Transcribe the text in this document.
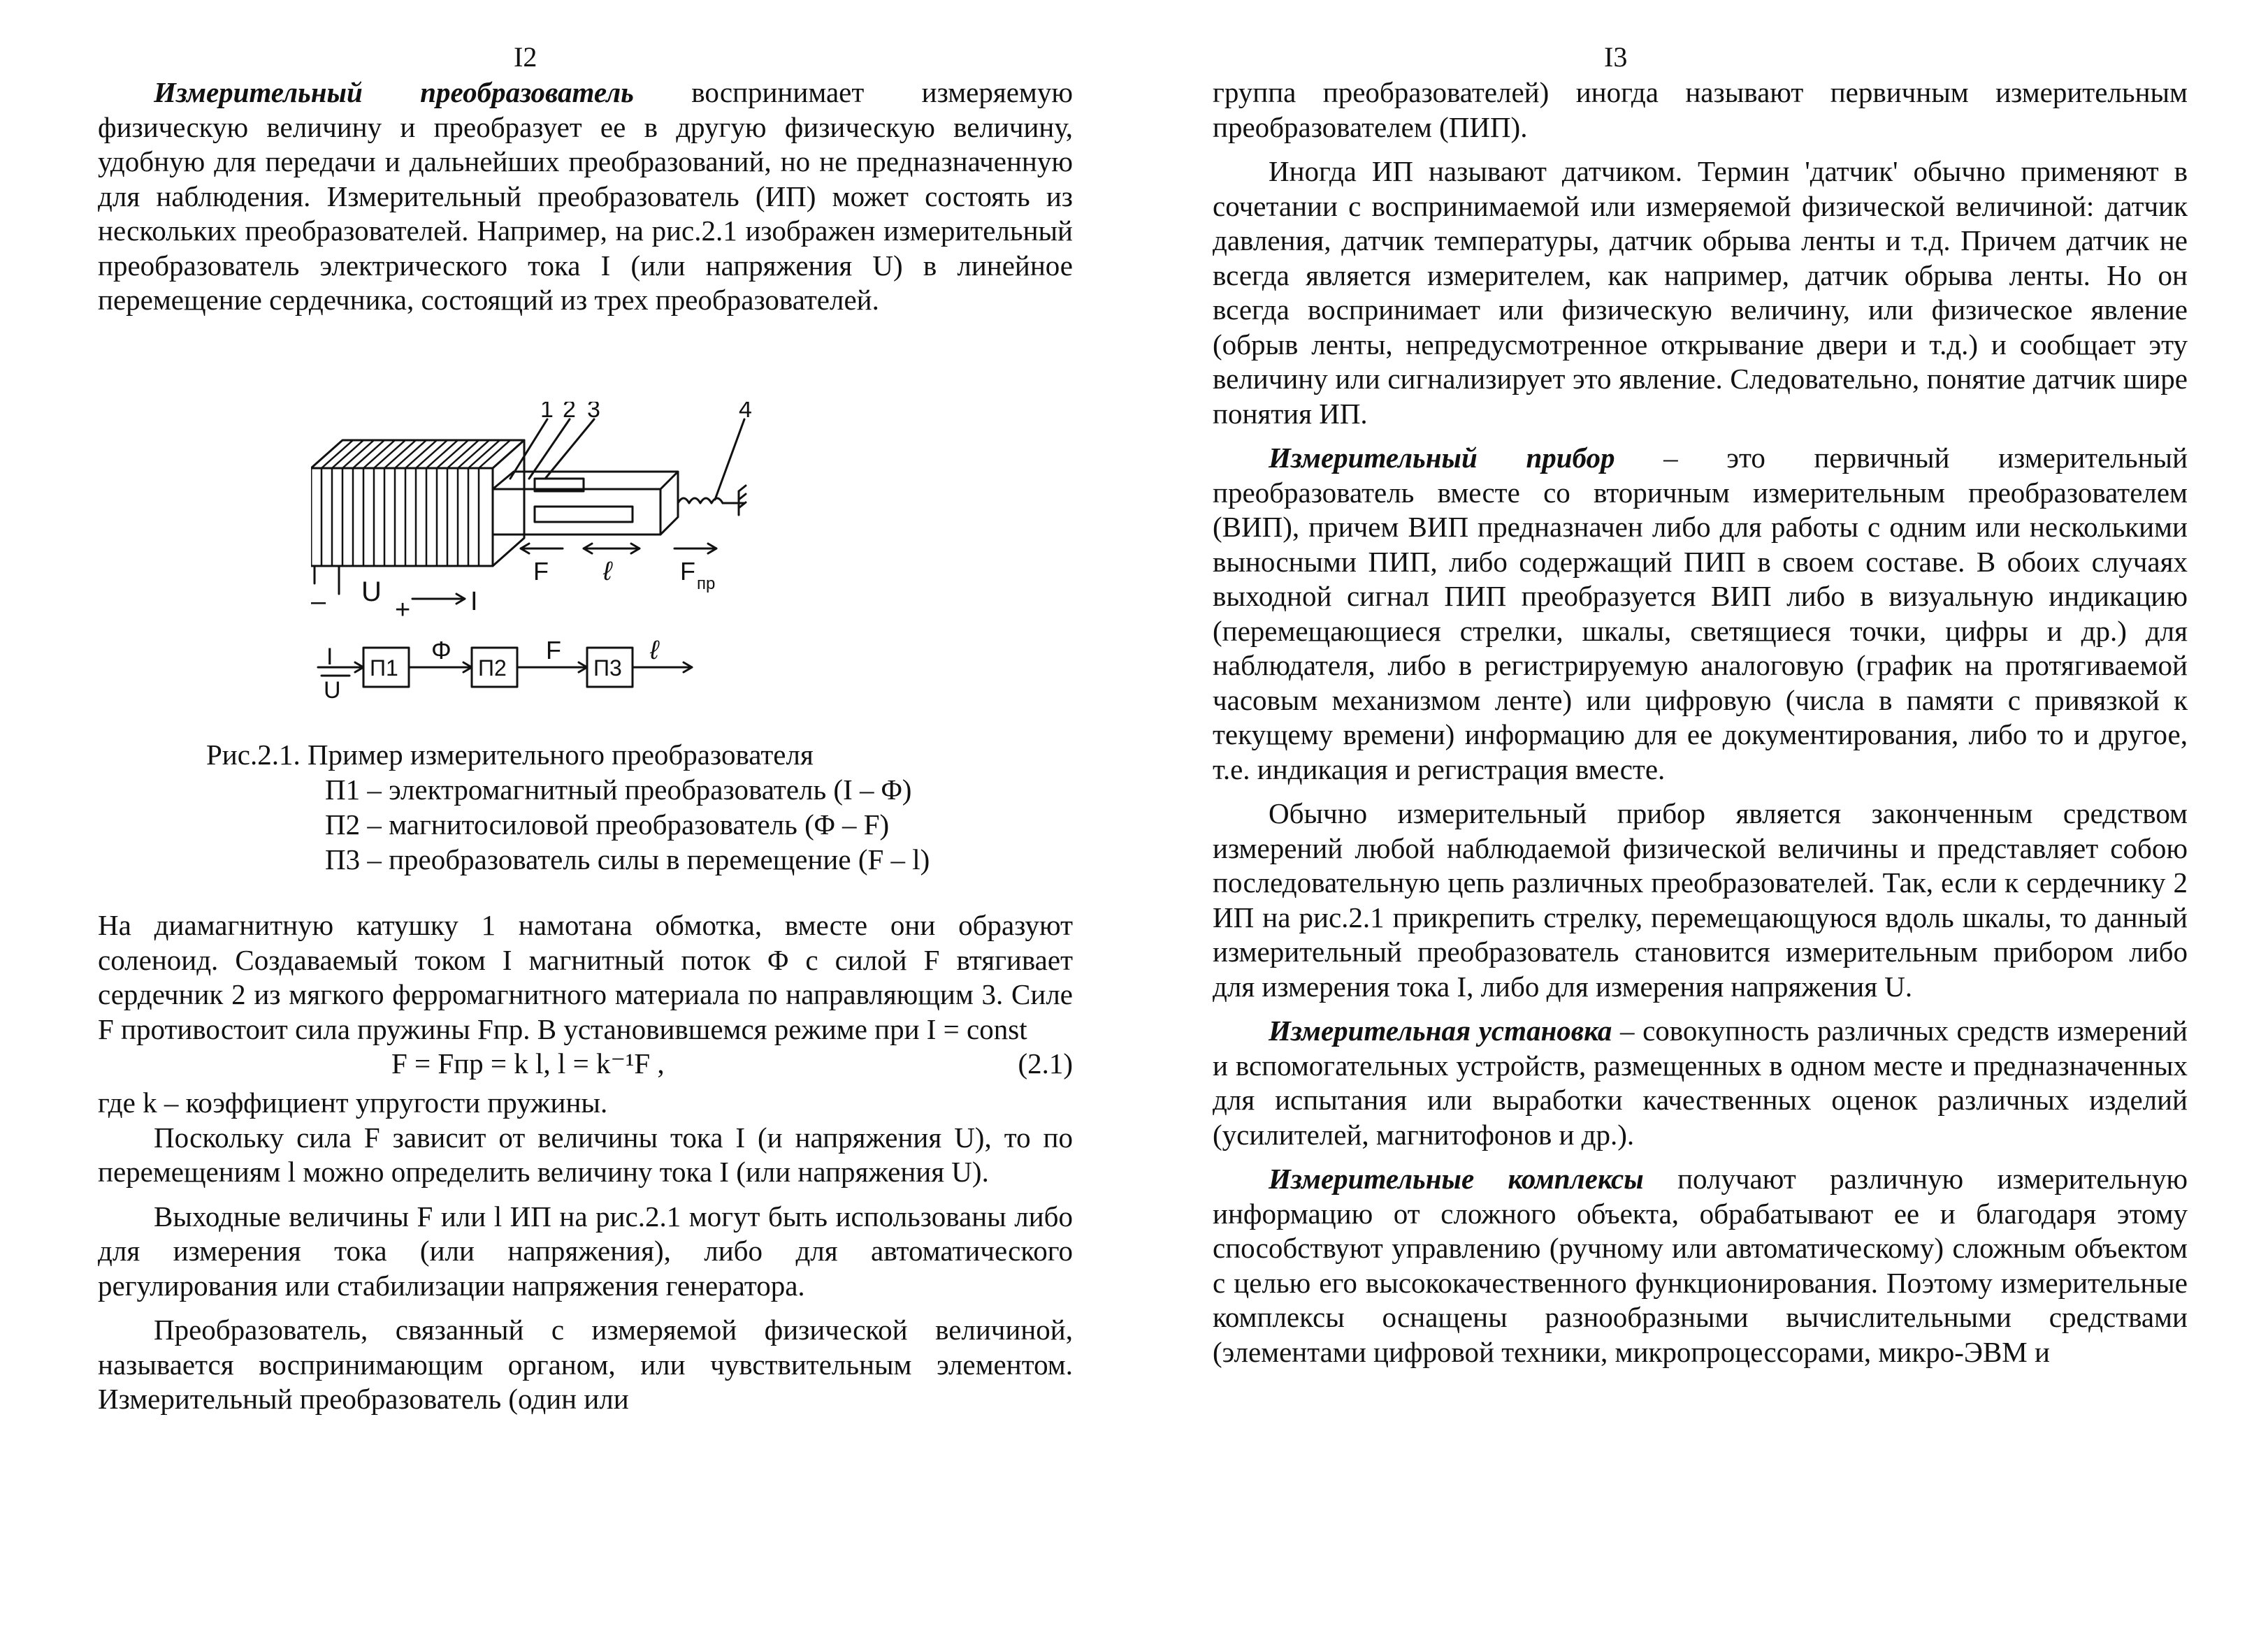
I2

Измерительный преобразователь воспринимает измеряемую физическую величину и преобразует ее в другую физическую величину, удобную для передачи и дальнейших преобразований, но не предназначенную для наблюдения. Измерительный преобразователь (ИП) может состоять из нескольких преобразователей. Например, на рис.2.1 изображен измерительный преобразователь электрического тока I (или напряжения U) в линейное перемещение сердечника, состоящий из трех преобразователей.

1 2 3	4
F ℓ	F пр
– U
+ I
I
U
П1	П2	П3
Φ	F	ℓ
Рис.2.1. Пример измерительного преобразователя
П1 – электромагнитный преобразователь (I – Φ)
П2 – магнитосиловой преобразователь (Φ – F)
П3 – преобразователь силы в перемещение (F – l)

На диамагнитную катушку 1 намотана обмотка, вместе они образуют соленоид. Создаваемый током I магнитный поток Φ с силой F втягивает сердечник 2 из мягкого ферромагнитного материала по направляющим 3. Силе F противостоит сила пружины Fпр. В установившемся режиме при I = const

F = Fпр = k l, l = k⁻¹F ,	(2.1)

где k – коэффициент упругости пружины.

Поскольку сила F зависит от величины тока I (и напряжения U), то по перемещениям l можно определить величину тока I (или напряжения U).

Выходные величины F или l ИП на рис.2.1 могут быть использованы либо для измерения тока (или напряжения), либо для автоматического регулирования или стабилизации напряжения генератора.

Преобразователь, связанный с измеряемой физической величиной, называется воспринимающим органом, или чувствительным элементом. Измерительный преобразователь (один или

I3

группа преобразователей) иногда называют первичным измерительным преобразователем (ПИП).

Иногда ИП называют датчиком. Термин 'датчик' обычно применяют в сочетании с воспринимаемой или измеряемой физической величиной: датчик давления, датчик температуры, датчик обрыва ленты и т.д. Причем датчик не всегда является измерителем, как например, датчик обрыва ленты. Но он всегда воспринимает или физическую величину, или физическое явление (обрыв ленты, непредусмотренное открывание двери и т.д.) и сообщает эту величину или сигнализирует это явление. Следовательно, понятие датчик шире понятия ИП.

Измерительный прибор – это первичный измерительный преобразователь вместе со вторичным измерительным преобразователем (ВИП), причем ВИП предназначен либо для работы с одним или несколькими выносными ПИП, либо содержащий ПИП в своем составе. В обоих случаях выходной сигнал ПИП преобразуется ВИП либо в визуальную индикацию (перемещающиеся стрелки, шкалы, светящиеся точки, цифры и др.) для наблюдателя, либо в регистрируемую аналоговую (график на протягиваемой часовым механизмом ленте) или цифровую (числа в памяти с привязкой к текущему времени) информацию для ее документирования, либо то и другое, т.е. индикация и регистрация вместе.

Обычно измерительный прибор является законченным средством измерений любой наблюдаемой физической величины и представляет собою последовательную цепь различных преобразователей. Так, если к сердечнику 2 ИП на рис.2.1 прикрепить стрелку, перемещающуюся вдоль шкалы, то данный измерительный преобразователь становится измерительным прибором либо для измерения тока I, либо для измерения напряжения U.

Измерительная установка – совокупность различных средств измерений и вспомогательных устройств, размещенных в одном месте и предназначенных для испытания или выработки качественных оценок различных изделий (усилителей, магнитофонов и др.).

Измерительные комплексы получают различную измерительную информацию от сложного объекта, обрабатывают ее и благодаря этому способствуют управлению (ручному или автоматическому) сложным объектом с целью его высококачественного функционирования. Поэтому измерительные комплексы оснащены разнообразными вычислительными средствами (элементами цифровой техники, микропроцессорами, микро-ЭВМ и
